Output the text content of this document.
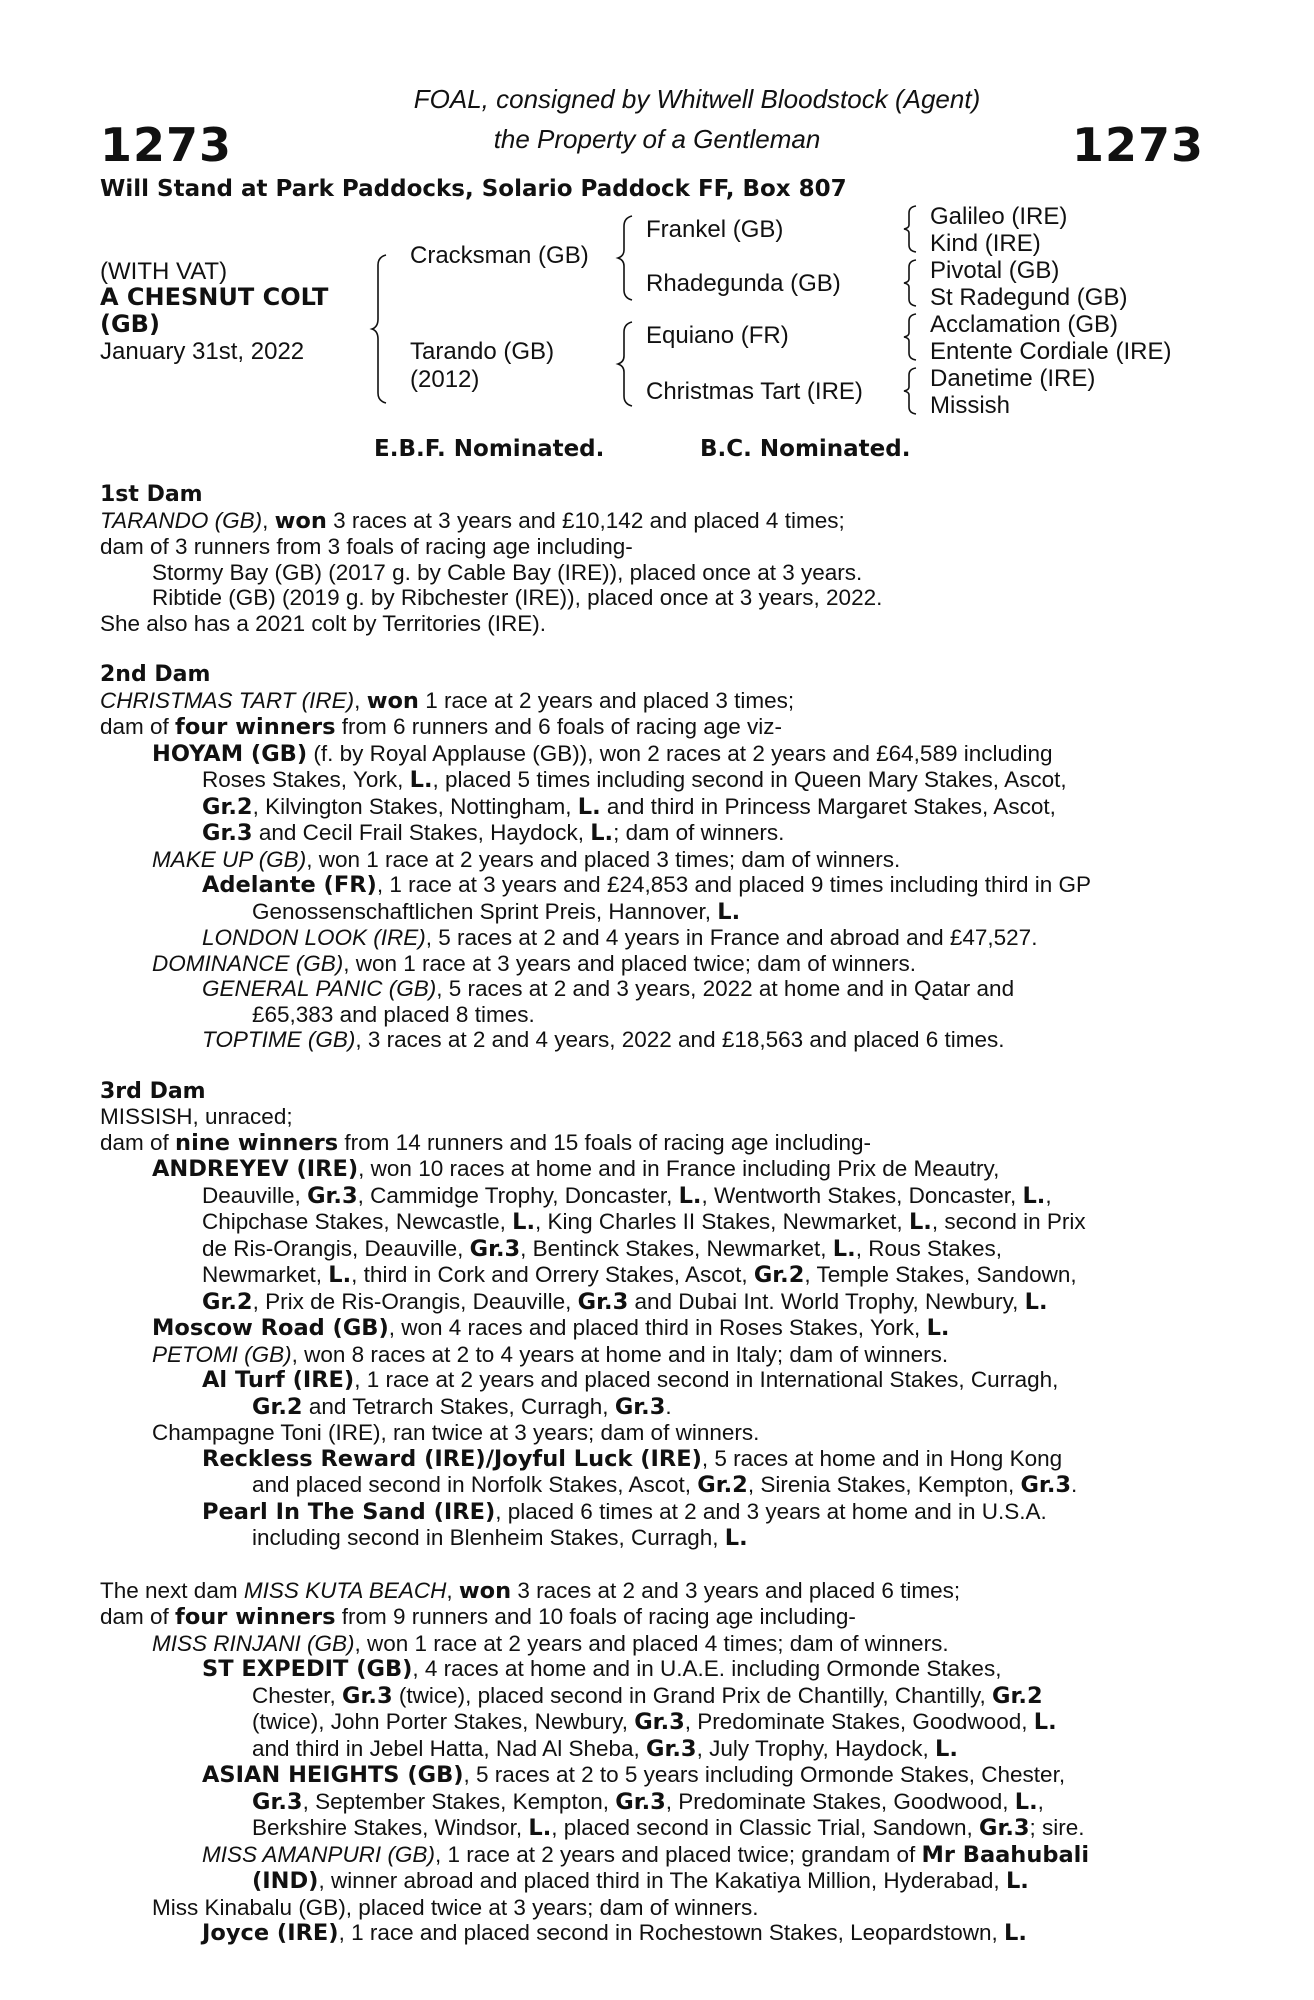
1273	1273
FOAL, consigned by Whitwell Bloodstock (Agent)
the Property of a Gentleman
Will Stand at Park Paddocks, Solario Paddock FF, Box 807
(WITH VAT)
A CHESNUT COLT
(GB)
January 31st, 2022
Cracksman (GB)
Tarando (GB)
(2012)
Frankel (GB)
Rhadegunda (GB)
Equiano (FR)
Christmas Tart (IRE)
Galileo (IRE)
Kind (IRE)
Pivotal (GB)
St Radegund (GB)
Acclamation (GB)
Entente Cordiale (IRE)
Danetime (IRE)
Missish
E.B.F. Nominated.	B.C. Nominated.
1st Dam
TARANDO (GB), won 3 races at 3 years and £10,142 and placed 4 times;
dam of 3 runners from 3 foals of racing age including-
Stormy Bay (GB) (2017 g. by Cable Bay (IRE)), placed once at 3 years.
Ribtide (GB) (2019 g. by Ribchester (IRE)), placed once at 3 years, 2022.
She also has a 2021 colt by Territories (IRE).
2nd Dam
CHRISTMAS TART (IRE), won 1 race at 2 years and placed 3 times;
dam of four winners from 6 runners and 6 foals of racing age viz-
HOYAM (GB) (f. by Royal Applause (GB)), won 2 races at 2 years and £64,589 including
Roses Stakes, York, L., placed 5 times including second in Queen Mary Stakes, Ascot,
Gr.2, Kilvington Stakes, Nottingham, L. and third in Princess Margaret Stakes, Ascot,
Gr.3 and Cecil Frail Stakes, Haydock, L.; dam of winners.
MAKE UP (GB), won 1 race at 2 years and placed 3 times; dam of winners.
Adelante (FR), 1 race at 3 years and £24,853 and placed 9 times including third in GP
Genossenschaftlichen Sprint Preis, Hannover, L.
LONDON LOOK (IRE), 5 races at 2 and 4 years in France and abroad and £47,527.
DOMINANCE (GB), won 1 race at 3 years and placed twice; dam of winners.
GENERAL PANIC (GB), 5 races at 2 and 3 years, 2022 at home and in Qatar and
£65,383 and placed 8 times.
TOPTIME (GB), 3 races at 2 and 4 years, 2022 and £18,563 and placed 6 times.
3rd Dam
MISSISH, unraced;
dam of nine winners from 14 runners and 15 foals of racing age including-
ANDREYEV (IRE), won 10 races at home and in France including Prix de Meautry,
Deauville, Gr.3, Cammidge Trophy, Doncaster, L., Wentworth Stakes, Doncaster, L.,
Chipchase Stakes, Newcastle, L., King Charles II Stakes, Newmarket, L., second in Prix
de Ris-Orangis, Deauville, Gr.3, Bentinck Stakes, Newmarket, L., Rous Stakes,
Newmarket, L., third in Cork and Orrery Stakes, Ascot, Gr.2, Temple Stakes, Sandown,
Gr.2, Prix de Ris-Orangis, Deauville, Gr.3 and Dubai Int. World Trophy, Newbury, L.
Moscow Road (GB), won 4 races and placed third in Roses Stakes, York, L.
PETOMI (GB), won 8 races at 2 to 4 years at home and in Italy; dam of winners.
Al Turf (IRE), 1 race at 2 years and placed second in International Stakes, Curragh,
Gr.2 and Tetrarch Stakes, Curragh, Gr.3.
Champagne Toni (IRE), ran twice at 3 years; dam of winners.
Reckless Reward (IRE)/Joyful Luck (IRE), 5 races at home and in Hong Kong
and placed second in Norfolk Stakes, Ascot, Gr.2, Sirenia Stakes, Kempton, Gr.3.
Pearl In The Sand (IRE), placed 6 times at 2 and 3 years at home and in U.S.A.
including second in Blenheim Stakes, Curragh, L.
The next dam MISS KUTA BEACH, won 3 races at 2 and 3 years and placed 6 times;
dam of four winners from 9 runners and 10 foals of racing age including-
MISS RINJANI (GB), won 1 race at 2 years and placed 4 times; dam of winners.
ST EXPEDIT (GB), 4 races at home and in U.A.E. including Ormonde Stakes,
Chester, Gr.3 (twice), placed second in Grand Prix de Chantilly, Chantilly, Gr.2
(twice), John Porter Stakes, Newbury, Gr.3, Predominate Stakes, Goodwood, L.
and third in Jebel Hatta, Nad Al Sheba, Gr.3, July Trophy, Haydock, L.
ASIAN HEIGHTS (GB), 5 races at 2 to 5 years including Ormonde Stakes, Chester,
Gr.3, September Stakes, Kempton, Gr.3, Predominate Stakes, Goodwood, L.,
Berkshire Stakes, Windsor, L., placed second in Classic Trial, Sandown, Gr.3; sire.
MISS AMANPURI (GB), 1 race at 2 years and placed twice; grandam of Mr Baahubali
(IND), winner abroad and placed third in The Kakatiya Million, Hyderabad, L.
Miss Kinabalu (GB), placed twice at 3 years; dam of winners.
Joyce (IRE), 1 race and placed second in Rochestown Stakes, Leopardstown, L.
